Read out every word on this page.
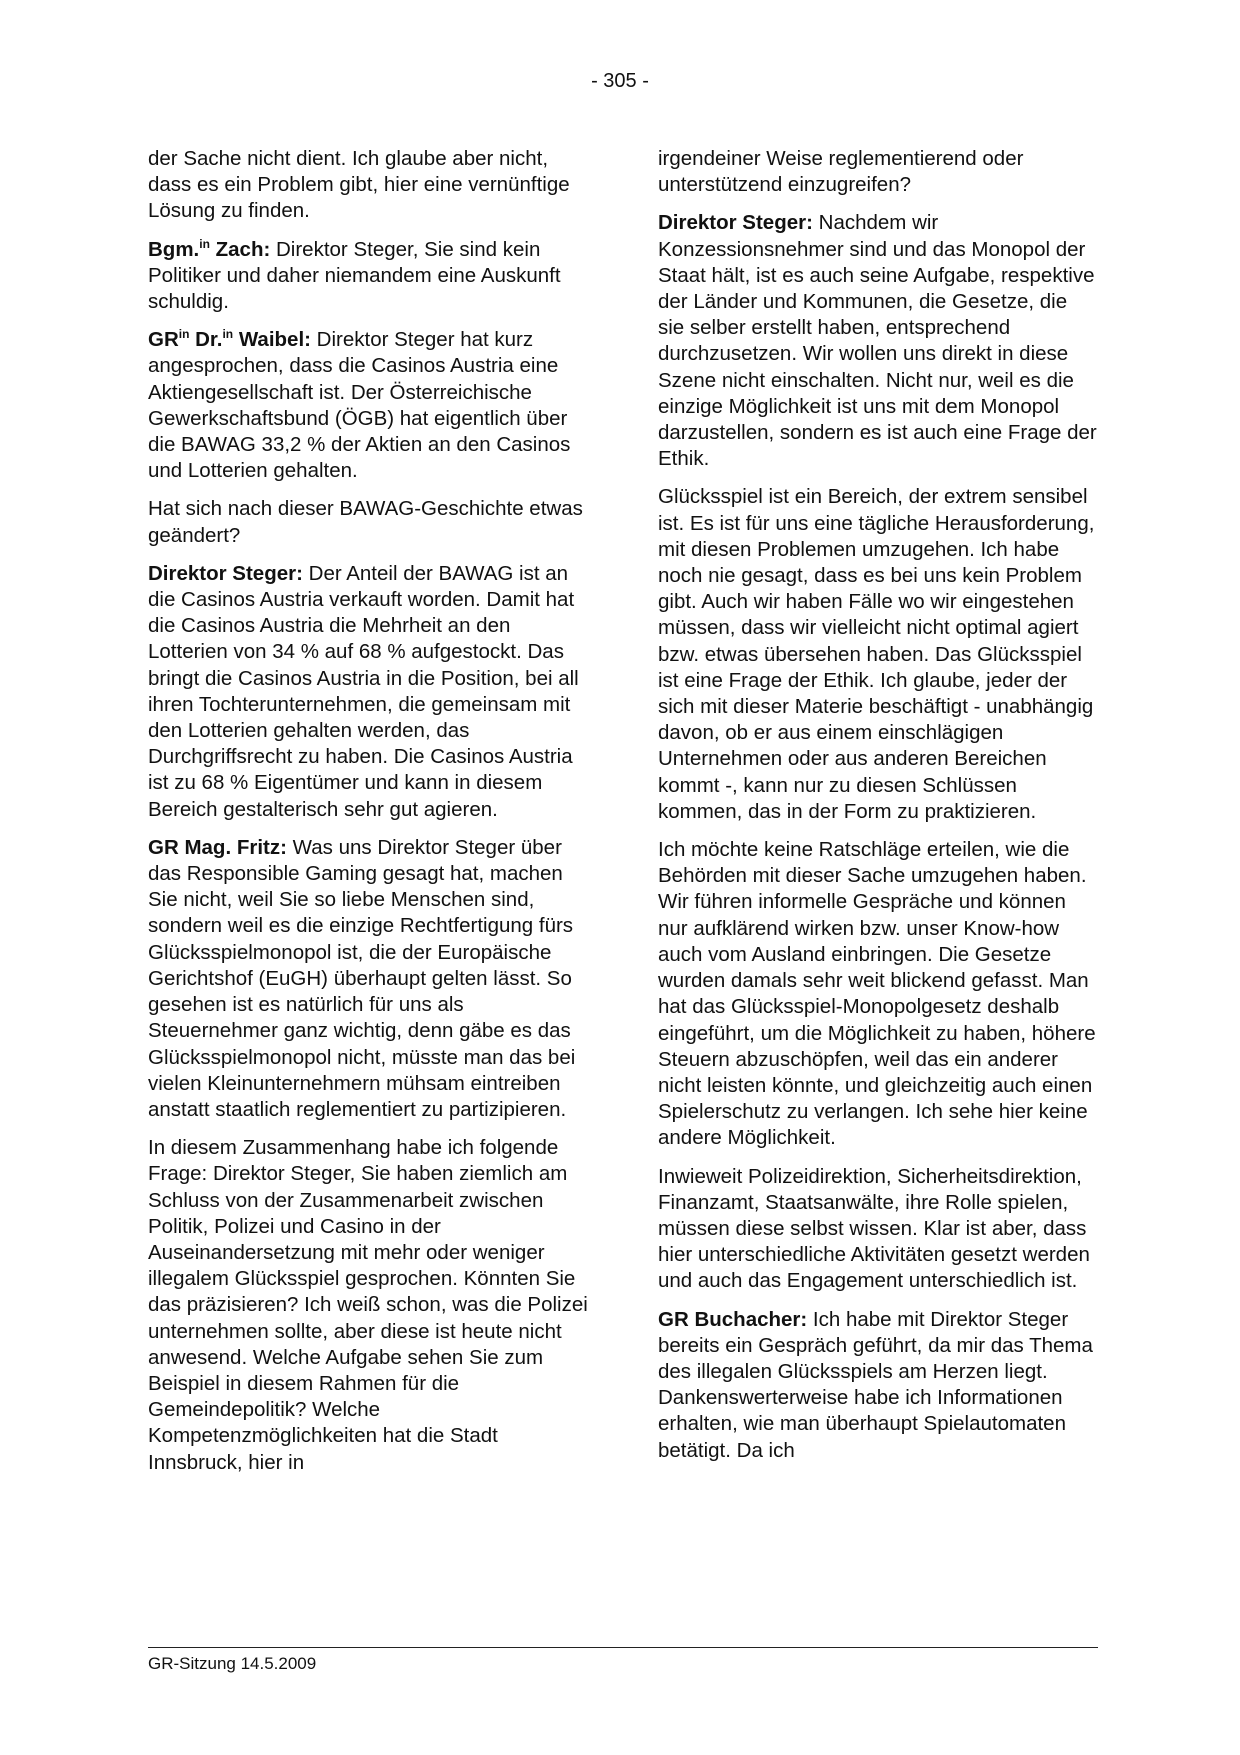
- 305 -

der Sache nicht dient. Ich glaube aber nicht, dass es ein Problem gibt, hier eine vernünftige Lösung zu finden.

Bgm.$^{in}$ Zach: Direktor Steger, Sie sind kein Politiker und daher niemandem eine Auskunft schuldig.

$GR^{in}$ Dr.$^{in}$ Waibel: Direktor Steger hat kurz angesprochen, dass die Casinos Austria eine Aktiengesellschaft ist. Der Österreichische Gewerkschaftsbund (ÖGB) hat eigentlich über die BAWAG 33,2 % der Aktien an den Casinos und Lotterien gehalten.

Hat sich nach dieser BAWAG-Geschichte etwas geändert?

Direktor Steger: Der Anteil der BAWAG ist an die Casinos Austria verkauft worden. Damit hat die Casinos Austria die Mehrheit an den Lotterien von 34 % auf 68 % aufgestockt. Das bringt die Casinos Austria in die Position, bei all ihren Tochterunternehmen, die gemeinsam mit den Lotterien gehalten werden, das Durchgriffsrecht zu haben. Die Casinos Austria ist zu 68 % Eigentümer und kann in diesem Bereich gestalterisch sehr gut agieren.

GR Mag. Fritz: Was uns Direktor Steger über das Responsible Gaming gesagt hat, machen Sie nicht, weil Sie so liebe Menschen sind, sondern weil es die einzige Rechtfertigung fürs Glücksspielmonopol ist, die der Europäische Gerichtshof (EuGH) überhaupt gelten lässt. So gesehen ist es natürlich für uns als Steuernehmer ganz wichtig, denn gäbe es das Glücksspielmonopol nicht, müsste man das bei vielen Kleinunternehmern mühsam eintreiben anstatt staatlich reglementiert zu partizipieren.

In diesem Zusammenhang habe ich folgende Frage: Direktor Steger, Sie haben ziemlich am Schluss von der Zusammenarbeit zwischen Politik, Polizei und Casino in der Auseinandersetzung mit mehr oder weniger illegalem Glücksspiel gesprochen. Könnten Sie das präzisieren? Ich weiß schon, was die Polizei unternehmen sollte, aber diese ist heute nicht anwesend. Welche Aufgabe sehen Sie zum Beispiel in diesem Rahmen für die Gemeindepolitik? Welche Kompetenzmöglichkeiten hat die Stadt Innsbruck, hier in

irgendeiner Weise reglementierend oder unterstützend einzugreifen?

Direktor Steger: Nachdem wir Konzessionsnehmer sind und das Monopol der Staat hält, ist es auch seine Aufgabe, respektive der Länder und Kommunen, die Gesetze, die sie selber erstellt haben, entsprechend durchzusetzen. Wir wollen uns direkt in diese Szene nicht einschalten. Nicht nur, weil es die einzige Möglichkeit ist uns mit dem Monopol darzustellen, sondern es ist auch eine Frage der Ethik.

Glücksspiel ist ein Bereich, der extrem sensibel ist. Es ist für uns eine tägliche Herausforderung, mit diesen Problemen umzugehen. Ich habe noch nie gesagt, dass es bei uns kein Problem gibt. Auch wir haben Fälle wo wir eingestehen müssen, dass wir vielleicht nicht optimal agiert bzw. etwas übersehen haben. Das Glücksspiel ist eine Frage der Ethik. Ich glaube, jeder der sich mit dieser Materie beschäftigt - unabhängig davon, ob er aus einem einschlägigen Unternehmen oder aus anderen Bereichen kommt -, kann nur zu diesen Schlüssen kommen, das in der Form zu praktizieren.

Ich möchte keine Ratschläge erteilen, wie die Behörden mit dieser Sache umzugehen haben. Wir führen informelle Gespräche und können nur aufklärend wirken bzw. unser Know-how auch vom Ausland einbringen. Die Gesetze wurden damals sehr weit blickend gefasst. Man hat das Glücksspiel-Monopolgesetz deshalb eingeführt, um die Möglichkeit zu haben, höhere Steuern abzuschöpfen, weil das ein anderer nicht leisten könnte, und gleichzeitig auch einen Spielerschutz zu verlangen. Ich sehe hier keine andere Möglichkeit.

Inwieweit Polizeidirektion, Sicherheitsdirektion, Finanzamt, Staatsanwälte, ihre Rolle spielen, müssen diese selbst wissen. Klar ist aber, dass hier unterschiedliche Aktivitäten gesetzt werden und auch das Engagement unterschiedlich ist.

GR Buchacher: Ich habe mit Direktor Steger bereits ein Gespräch geführt, da mir das Thema des illegalen Glücksspiels am Herzen liegt. Dankenswerterweise habe ich Informationen erhalten, wie man überhaupt Spielautomaten betätigt. Da ich

GR-Sitzung 14.5.2009
